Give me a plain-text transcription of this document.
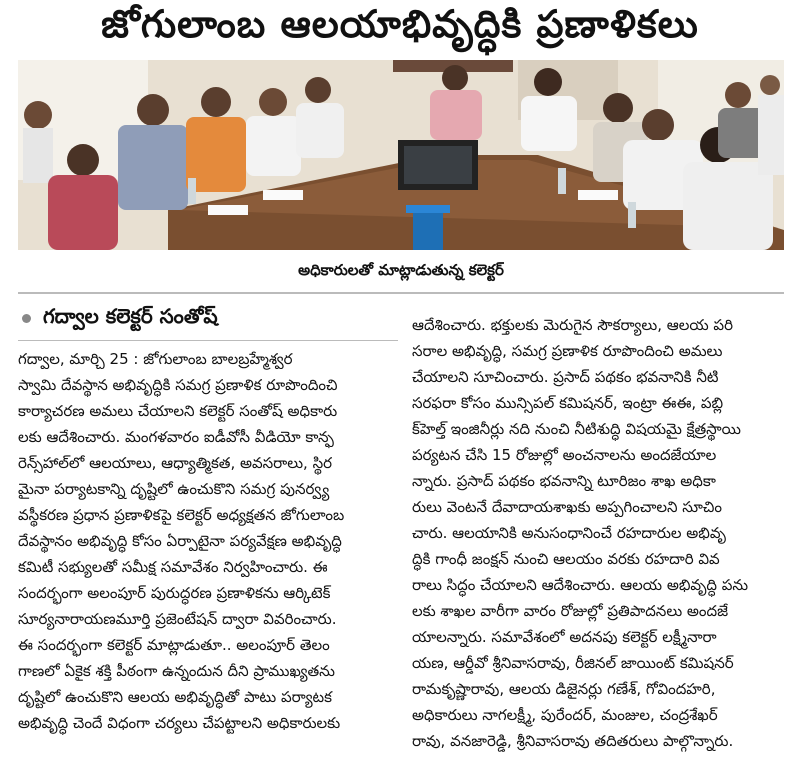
జోగులాంబ ఆలయాభివృద్ధికి ప్రణాళికలు
అధికారులతో మాట్లాడుతున్న కలెక్టర్
గద్వాల కలెక్టర్ సంతోష్
గద్వాల, మార్చి 25 : జోగులాంబ బాలబ్రహ్మేశ్వర
స్వామి దేవస్థాన అభివృద్ధికి సమగ్ర ప్రణాళిక రూపొందించి
కార్యాచరణ అమలు చేయాలని కలెక్టర్ సంతోష్ అధికారు
లకు ఆదేశించారు. మంగళవారం ఐడీవోసీ వీడియో కాన్ఫ
రెన్స్‌హాల్‌లో ఆలయాలు, ఆధ్యాత్మికత, అవసరాలు, స్థిర
మైనా పర్యాటకాన్ని దృష్టిలో ఉంచుకొని సమగ్ర పునర్వ్య
వస్థీకరణ ప్రధాన ప్రణాళికపై కలెక్టర్ అధ్యక్షతన జోగులాంబ
దేవస్థానం అభివృద్ధి కోసం ఏర్పాటైనా పర్యవేక్షణ అభివృద్ధి
కమిటీ సభ్యులతో సమీక్ష సమావేశం నిర్వహించారు. ఈ
సందర్భంగా అలంపూర్ పురుద్ధరణ ప్రణాళికను ఆర్కిటెక్
సూర్యనారాయణమూర్తి ప్రజెంటేషన్ ద్వారా వివరించారు.
ఈ సందర్భంగా కలెక్టర్ మాట్లాడుతూ.. అలంపూర్ తెలం
గాణలో ఏకైక శక్తి పీఠంగా ఉన్నందున దీని ప్రాముఖ్యతను
దృష్టిలో ఉంచుకొని ఆలయ అభివృద్ధితో పాటు పర్యాటక
అభివృద్ధి చెందే విధంగా చర్యలు చేపట్టాలని అధికారులకు
ఆదేశించారు. భక్తులకు మెరుగైన సౌకర్యాలు, ఆలయ పరి
సరాల అభివృద్ధి, సమగ్ర ప్రణాళిక రూపొందించి అమలు
చేయాలని సూచించారు. ప్రసాద్ పథకం భవనానికి నీటి
సరఫరా కోసం మున్సిపల్ కమిషనర్, ఇంట్రా ఈఈ, పబ్లి
క్‌హెల్త్ ఇంజినీర్లు నది నుంచి నీటిశుద్ధి విషయమై క్షేత్రస్థాయి
పర్యటన చేసి 15 రోజుల్లో అంచనాలను అందజేయాల
న్నారు. ప్రసాద్ పథకం భవనాన్ని టూరిజం శాఖ అధికా
రులు వెంటనే దేవాదాయశాఖకు అప్పగించాలని సూచిం
చారు. ఆలయానికి అనుసంధానించే రహదారుల అభివృ
ద్ధికి గాంధీ జంక్షన్ నుంచి ఆలయం వరకు రహదారి వివ
రాలు సిద్ధం చేయాలని ఆదేశించారు. ఆలయ అభివృద్ధి పను
లకు శాఖల వారీగా వారం రోజుల్లో ప్రతిపాదనలు అందజే
యాలన్నారు. సమావేశంలో అదనపు కలెక్టర్ లక్ష్మీనారా
యణ, ఆర్డీవో శ్రీనివాసరావు, రీజినల్ జాయింట్ కమిషనర్
రామకృష్ణారావు, ఆలయ డిజైనర్లు గణేశ్, గోవిందహరి,
అధికారులు నాగలక్ష్మీ, పురేందర్, మంజుల, చంద్రశేఖర్
రావు, వనజారెడ్డి, శ్రీనివాసరావు తదితరులు పాల్గొన్నారు.
